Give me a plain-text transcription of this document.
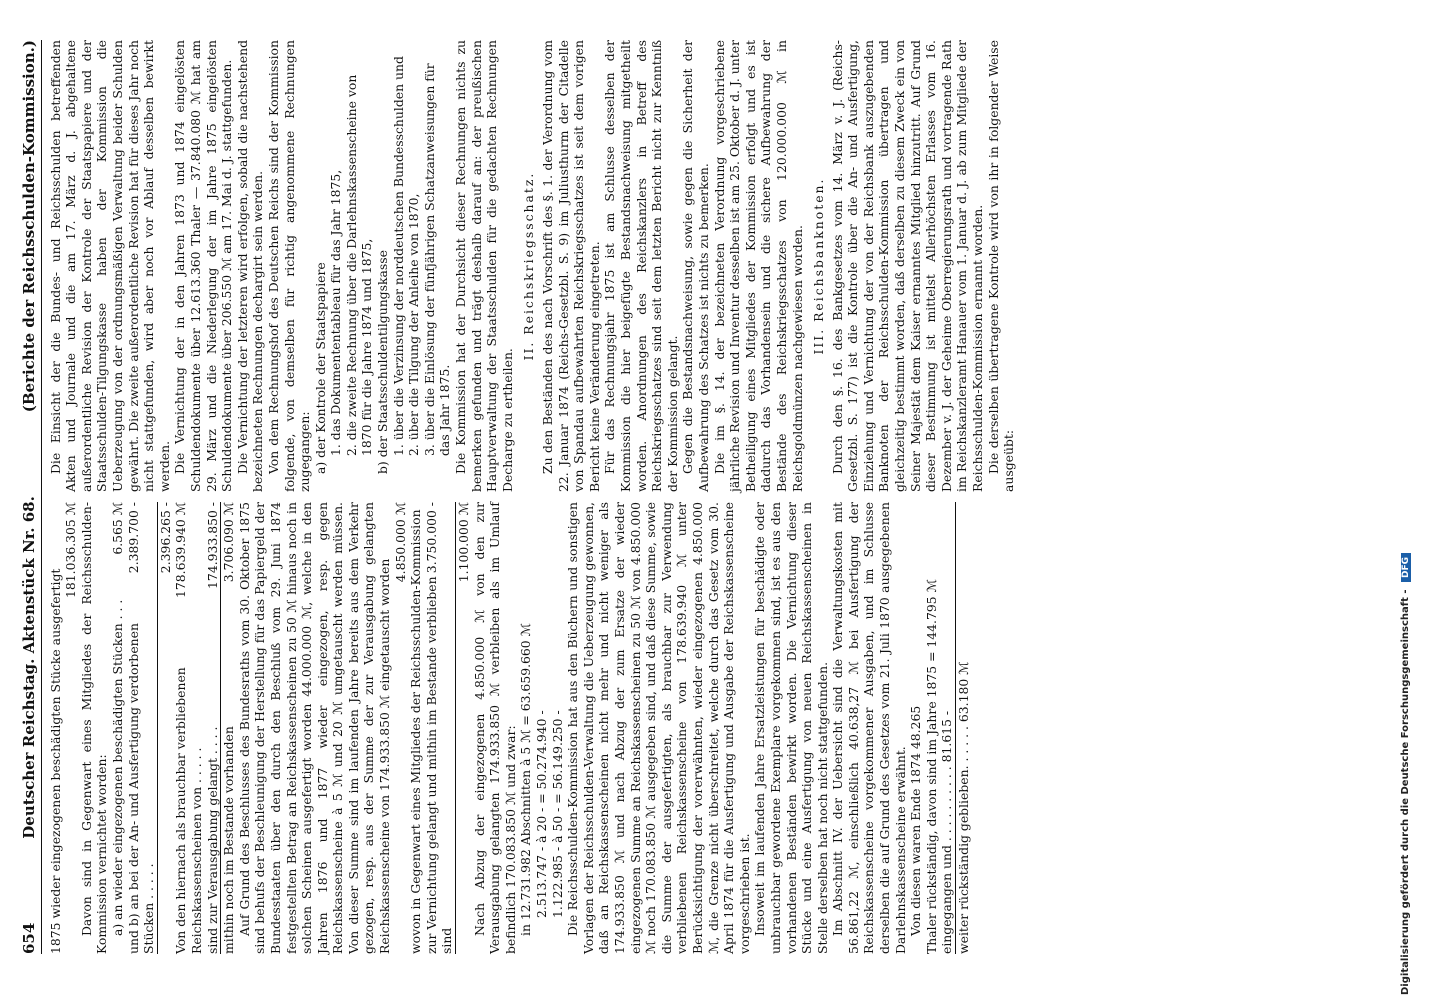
654
Deutscher Reichstag. Aktenstück Nr. 68.
(Berichte der Reichsschulden-Kommission.)
1875 wieder eingezogenen beschädigten Stücke ausgefertigt
181.036.305 ℳ Davon sind in Gegenwart eines Mitgliedes der Reichsschulden-Kommission vernichtet worden: a) an wieder eingezogenen beschädigten Stücken . . .
6.565 ℳ
und b) an bei der An- und Ausfertigung verdorbenen Stücken . . . . .
2.389.700 -	2.396.265 -
Von den hiernach als brauchbar verbliebenen Reichskassenscheinen von . . . . .
178.639.940 ℳ
sind zur Verausgabung gelangt . . . .
174.933.850 -
mithin noch im Bestande vorhanden
3.706.090 ℳ Auf Grund des Beschlusses des Bundesraths vom 30. Oktober 1875 sind behufs der Beschleunigung der Herstellung für das Papiergeld der Bundesstaaten über den durch den Beschluß vom 29. Juni 1874 festgestellten Betrag an Reichskassenscheinen zu 50 ℳ hinaus noch in solchen Scheinen ausgefertigt worden 44.000.000 ℳ, welche in den Jahren 1876 und 1877 wieder eingezogen, resp. gegen Reichskassenscheine à 5 ℳ und 20 ℳ umgetauscht werden müssen. Von dieser Summe sind im laufenden Jahre bereits aus dem Verkehr gezogen, resp. aus der Summe der zur Verausgabung gelangten Reichskassenscheine von 174.933.850 ℳ eingetauscht worden

4.850.000 ℳ wovon in Gegenwart eines Mitgliedes der Reichsschulden-Kommission zur Vernichtung gelangt und mithin im Bestande verblieben sind
3.750.000 -	1.100.000 ℳ Nach Abzug der eingezogenen 4.850.000 ℳ von den zur Verausgabung gelangten 174.933.850 ℳ verbleiben als im Umlauf befindlich 170.083.850 ℳ und zwar: in 12.731.982 Abschnitten à 5 ℳ = 63.659.660 ℳ 2.513.747 - à 20 - = 50.274.940 - 1.122.985 - à 50 - = 56.149.250 - Die Reichsschulden-Kommission hat aus den Büchern und sonstigen Vorlagen der Reichsschulden-Verwaltung die Ueberzeugung gewonnen, daß an Reichskassenscheinen nicht mehr und nicht weniger als 174.933.850 ℳ und nach Abzug der zum Ersatze der wieder eingezogenen Summe an Reichskassenscheinen zu 50 ℳ von 4.850.000 ℳ noch 170.083.850 ℳ ausgegeben sind, und daß diese Summe, sowie die Summe der ausgefertigten, als brauchbar zur Verwendung verbliebenen Reichskassenscheine von 178.639.940 ℳ unter Berücksichtigung der vorerwähnten, wieder eingezogenen 4.850.000 ℳ, die Grenze nicht überschreitet, welche durch das Gesetz vom 30. April 1874 für die Ausfertigung und Ausgabe der Reichskassenscheine vorgeschrieben ist. Insoweit im laufenden Jahre Ersatzleistungen für beschädigte oder unbrauchbar gewordene Exemplare vorgekommen sind, ist es aus den vorhandenen Beständen bewirkt worden. Die Vernichtung dieser Stücke und eine Ausfertigung von neuen Reichskassenscheinen in Stelle derselben hat noch nicht stattgefunden. Im Abschnitt IV. der Uebersicht sind die Verwaltungskosten mit 56.861,22 ℳ, einschließlich 40.638,27 ℳ bei Ausfertigung der Reichskassenscheine vorgekommener Ausgaben, und im Schlusse derselben die auf Grund des Gesetzes vom 21. Juli 1870 ausgegebenen Darlehnskassenscheine erwähnt. Von diesen waren Ende 1874 48.265 Thaler rückständig, davon sind im Jahre 1875 = 144.795 ℳ eingegangen und . . . . . . . . . . 81.615 - weiter rückständig geblieben. . . . . . 63.180 ℳ

Die Einsicht der die Bundes- und Reichsschulden betreffenden Akten und Journale und die am 17. März d. J. abgehaltene außerordentliche Revision der Kontrole der Staatspapiere und der Staatsschulden-Tilgungskasse haben der Kommission die Ueberzeugung von der ordnungsmäßigen Verwaltung beider Schulden gewährt. Die zweite außerordentliche Revision hat für dieses Jahr noch nicht stattgefunden, wird aber noch vor Ablauf desselben bewirkt werden. Die Vernichtung der in den Jahren 1873 und 1874 eingelösten Schuldendokumente über 12.613.360 Thaler — 37.840.080 ℳ hat am 29. März und die Niederlegung der im Jahre 1875 eingelösten Schuldendokumente über 206.550 ℳ am 17. Mai d. J. stattgefunden. Die Vernichtung der letzteren wird erfolgen, sobald die nachstehend bezeichneten Rechnungen dechargirt sein werden. Von dem Rechnungshof des Deutschen Reichs sind der Kommission folgende, von demselben für richtig angenommene Rechnungen zugegangen: a) der Kontrole der Staatspapiere 1. das Dokumententableau für das Jahr 1875, 2. die zweite Rechnung über die Darlehnskassenscheine von 1870 für die Jahre 1874 und 1875, b) der Staatsschuldentilgungskasse 1. über die Verzinsung der norddeutschen Bundesschulden und 2. über die Tilgung der Anleihe von 1870, 3. über die Einlösung der fünfjährigen Schatzanweisungen für das Jahr 1875. Die Kommission hat der Durchsicht dieser Rechnungen nichts zu bemerken gefunden und trägt deshalb darauf an: der preußischen Hauptverwaltung der Staatsschulden für die gedachten Rechnungen Decharge zu ertheilen.

II. Reichskriegsschatz. Zu den Beständen des nach Vorschrift des §. 1. der Verordnung vom 22. Januar 1874 (Reichs-Gesetzbl. S. 9) im Juliusthurm der Citadelle von Spandau aufbewahrten Reichskriegsschatzes ist seit dem vorigen Bericht keine Veränderung eingetreten. Für das Rechnungsjahr 1875 ist am Schlusse desselben der Kommission die hier beigefügte Bestandsnachweisung mitgetheilt worden. Anordnungen des Reichskanzlers in Betreff des Reichskriegsschatzes sind seit dem letzten Bericht nicht zur Kenntniß der Kommission gelangt. Gegen die Bestandsnachweisung, sowie gegen die Sicherheit der Aufbewahrung des Schatzes ist nichts zu bemerken. Die im §. 14. der bezeichneten Verordnung vorgeschriebene jährliche Revision und Inventur desselben ist am 25. Oktober d. J. unter Betheiligung eines Mitgliedes der Kommission erfolgt und es ist dadurch das Vorhandensein und die sichere Aufbewahrung der Bestände des Reichskriegsschatzes von 120.000.000 ℳ in Reichsgoldmünzen nachgewiesen worden. III. Reichsbanknoten. Durch den §. 16. des Bankgesetzes vom 14. März v. J. (Reichs-Gesetzbl. S. 177) ist die Kontrole über die An- und Ausfertigung, Einziehung und Vernichtung der von der Reichsbank auszugebenden Banknoten der Reichsschulden-Kommission übertragen und gleichzeitig bestimmt worden, daß derselben zu diesem Zweck ein von Seiner Majestät dem Kaiser ernanntes Mitglied hinzutritt. Auf Grund dieser Bestimmung ist mittelst Allerhöchsten Erlasses vom 16. Dezember v. J. der Geheime Oberregierungsrath und vortragende Rath im Reichskanzleramt Hanauer vom 1. Januar d. J. ab zum Mitgliede der Reichsschulden-Kommission ernannt worden. Die derselben übertragene Kontrole wird von ihr in folgender Weise ausgeübt:

Digitalisierung gefördert durch die Deutsche Forschungsgemeinschaft - DFG
